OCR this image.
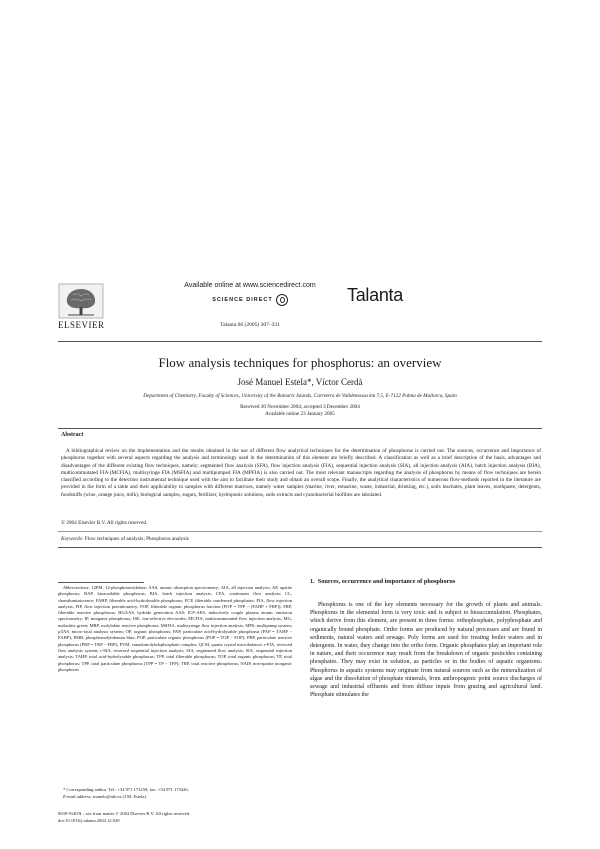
ELSEVIER
Available online at www.sciencedirect.com
SCIENCE DIRECT
Talanta 66 (2005) 307–331
Talanta
Flow analysis techniques for phosphorus: an overview
José Manuel Estela*, Víctor Cerdà
Department of Chemistry, Faculty of Sciences, University of the Balearic Islands, Carretera de Valldemossa km 7.5, E-7122 Palma de Mallorca, Spain
Received 30 November 2004; accepted 3 December 2004
Available online 23 January 2005
Abstract
A bibliographical review on the implementation and the results obtained in the use of different flow analytical techniques for the determination of phosphorus is carried out. The sources, occurrence and importance of phosphorus together with several aspects regarding the analysis and terminology used in the determination of this element are briefly described. A classification as well as a brief description of the basis, advantages and disadvantages of the different existing flow techniques, namely; segmented flow analysis (SFA), flow injection analysis (FIA), sequential injection analysis (SIA), all injection analysis (AIA), batch injection analysis (BIA), multicommutated FIA (MCFIA), multisyringe FIA (MSFIA) and multipumped FIA (MPFIA) is also carried out. The most relevant manuscripts regarding the analysis of phosphorus by means of flow techniques are herein classified according to the detection instrumental technique used with the aim to facilitate their study and obtain an overall scope. Finally, the analytical characteristics of numerous flow-methods reported in the literature are provided in the form of a table and their applicability to samples with different matrixes, namely water samples (marine, river, estuarine, waste, industrial, drinking, etc.), soils leachates, plant leaves, toothpaste, detergents, foodstuffs (wine, orange juice, milk), biological samples, sugars, fertilizer, hydroponic solutions, soils extracts and cyanobacterial biofilms are tabulated.
© 2004 Elsevier B.V. All rights reserved.
Keywords: Flow techniques of analysis; Phosphorus analysis
Abbreviations: 12PM, 12-phosphomolybdate; AAS, atomic absorption spectrometry; AIA, all injection analysis; AP, apatite phosphorus; BAP, bioavailable phosphorus; BIA, batch injection analysis; CFA, continuous flow analysis; CL, chemiluminiscence; FAHP, filterable acid-hydrolysable phosphorus; FCP, filterable condensed phosphates; FIA, flow injection analysis; FIP, flow injection potentiometry; FOP, filterable organic phosphorus fraction (FOP = TFP − (FAHP + FRP)); FRP, filterable reactive phosphorus; HGAAS, hydride generation AAS; ICP-AES, inductively couple plasma atomic emission spectrometry; IP, inorganic phosphorus; ISE, ion-selective electrodes; MCFIA, multicommutated flow injection analysis; MG, malachite green; MRP, molybdate reactive phosphorus; MSFIA, multisyringe flow injection analysis; MPS, multipump system; µTAS, micro-total analysis system; OP, organic phosphorus; PAP, particulate acid-hydrolysable phosphorus (PAP = TAHP − FAHP); PMB, phosphomolybdenum blue; POP, particulate organic phosphorus (POP = TOP − FOP); PRP, particulate reactive phosphorus (PRP = TRP − FRP); PVM, vanadomolybdophosphate complex; QCM, quartz crystal microbalance; r-FIA, reversed flow analysis system; r-SIA, reversed sequential injection analysis; SIA, segmented flow analysis; SIA, sequential injection analysis; TAHP, total acid-hydrolysable phosphorus; TFP, total filterable phosphorus; TOP, total organic phosphorus; TP, total phosphorus; TPP, total particulate phosphorus (TPP = TP − TFP); TRP, total reactive phosphorus; NAIP, non-apatite inorganic phosphorus
* Corresponding author. Tel.: +34 971 173259; fax: +34 971 173426.
E-mail address: manelo@uib.es (J.M. Estela).
0039-9140/$ – see front matter © 2004 Elsevier B.V. All rights reserved.
doi:10.1016/j.talanta.2004.12.029
1. Sources, occurrence and importance of phosphorus
Phosphorus is one of the key elements necessary for the growth of plants and animals. Phosphorus in the elemental form is very toxic and is subject to bioaccumulation. Phosphates, which derive from this element, are present in three forms: orthophosphate, polyphosphate and organically bound phosphate. Ortho forms are produced by natural processes and are found in sediments, natural waters and sewage. Poly forms are used for treating boiler waters and in detergents. In water, they change into the ortho form. Organic phosphates play an important role in nature, and their occurrence may result from the breakdown of organic pesticides containing phosphates. They may exist in solution, as particles or in the bodies of aquatic organisms. Phosphorus in aquatic systems may originate from natural sources such as the mineralization of algae and the dissolution of phosphate minerals, from anthropogenic point source discharges of sewage and industrial effluents and from diffuse inputs from grazing and agricultural land. Phosphate stimulates the
